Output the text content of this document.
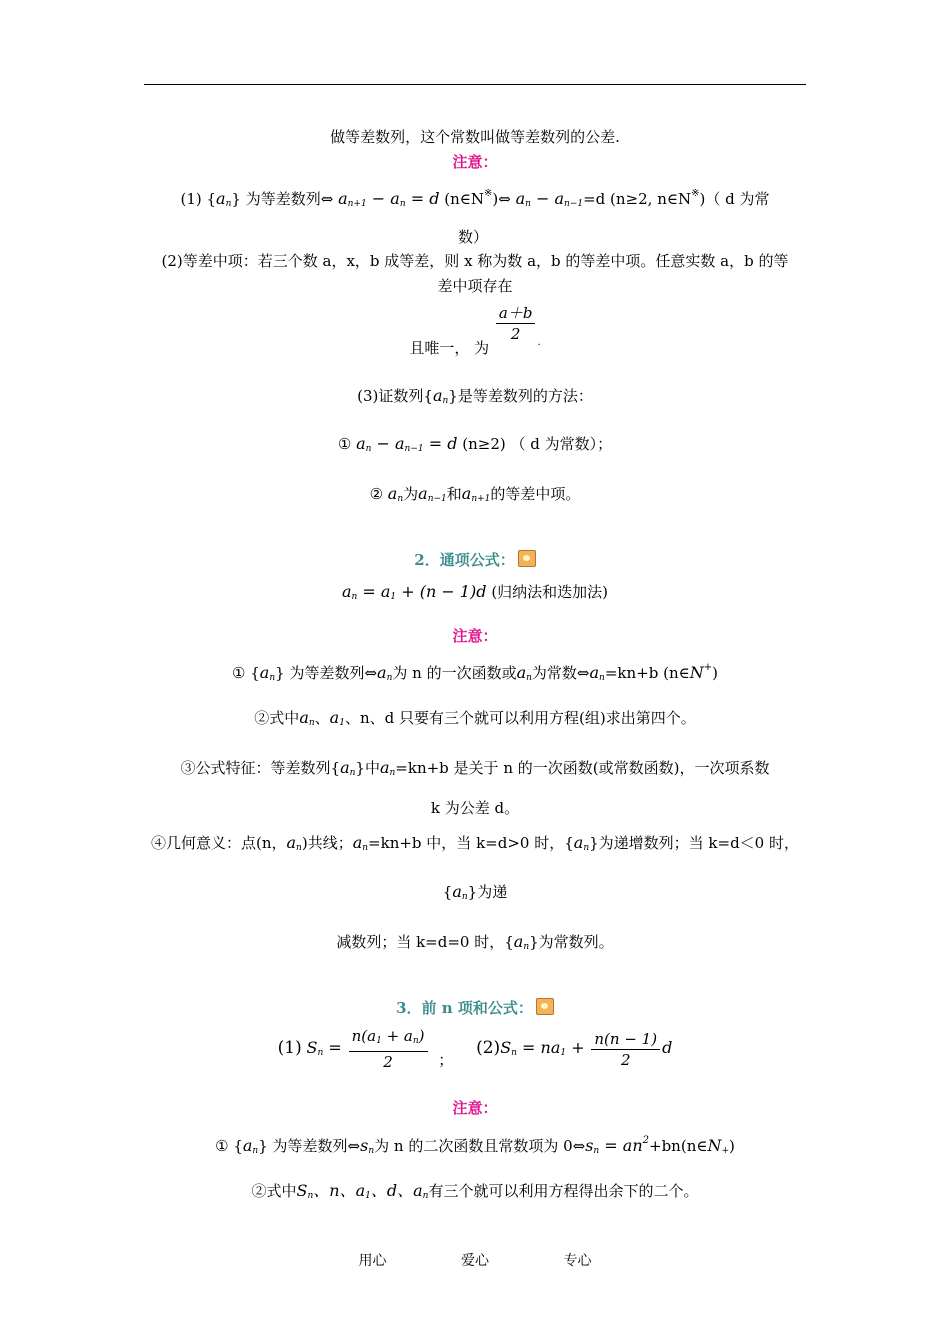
做等差数列，这个常数叫做等差数列的公差.
注意：
(1) $\{a_n\}$ 为等差数列⇔ $a_{n+1} - a_n = d$ (n∈N※)⇔ $a_n - a_{n-1}=d$ (n≥2, n∈N※)（ d 为常
数）
(2)等差中项：若三个数 a，x，b 成等差，则 x 称为数 a，b 的等差中项。任意实数 a，b 的等
差中项存在
且唯一， 为
$\frac{a+b}{2}$ .
(3)证数列$\{a_n\}$是等差数列的方法：
① $a_n - a_{n-1} = d$ (n≥2) （ d 为常数）；
② $a_n$为$a_{n-1}$和$a_{n+1}$的等差中项。
2．通项公式：
$a_n = a_1 + (n - 1)d$ (归纳法和迭加法)
注意：
① $\{a_n\}$ 为等差数列$\Leftrightarrow a_n$为 n 的一次函数或$a_n$为常数$\Leftrightarrow a_n=kn+b$ (n∈N+)
②式中$a_n$、$a_1$、n、d 只要有三个就可以利用方程(组)求出第四个。
③公式特征：等差数列$\{a_n\}$中$a_n=kn+b$ 是关于 n 的一次函数(或常数函数)，一次项系数
k 为公差 d。
④几何意义：点(n，$a_n$)共线；$a_n=kn+b$ 中，当 k=d>0 时，$\{a_n\}$为递增数列；当 k=d＜0 时，
$\{a_n\}$为递
减数列；当 k=d=0 时，$\{a_n\}$为常数列。
3．前 n 项和公式：
(1) $S_n = \frac{n(a_1 + a_n)}{2}$ ； $(2)S_n = na_1 + \frac{n(n - 1)}{2}$ d
注意：
① $\{a_n\}$ 为等差数列$\Leftrightarrow s_n$为 n 的二次函数且常数项为 $0\Leftrightarrow s_n$ = $an^2+bn(n\in N_+)$
②式中$S_n$、n、$a_1$、d、$a_n$有三个就可以利用方程得出余下的二个。
用心	爱心	专心
